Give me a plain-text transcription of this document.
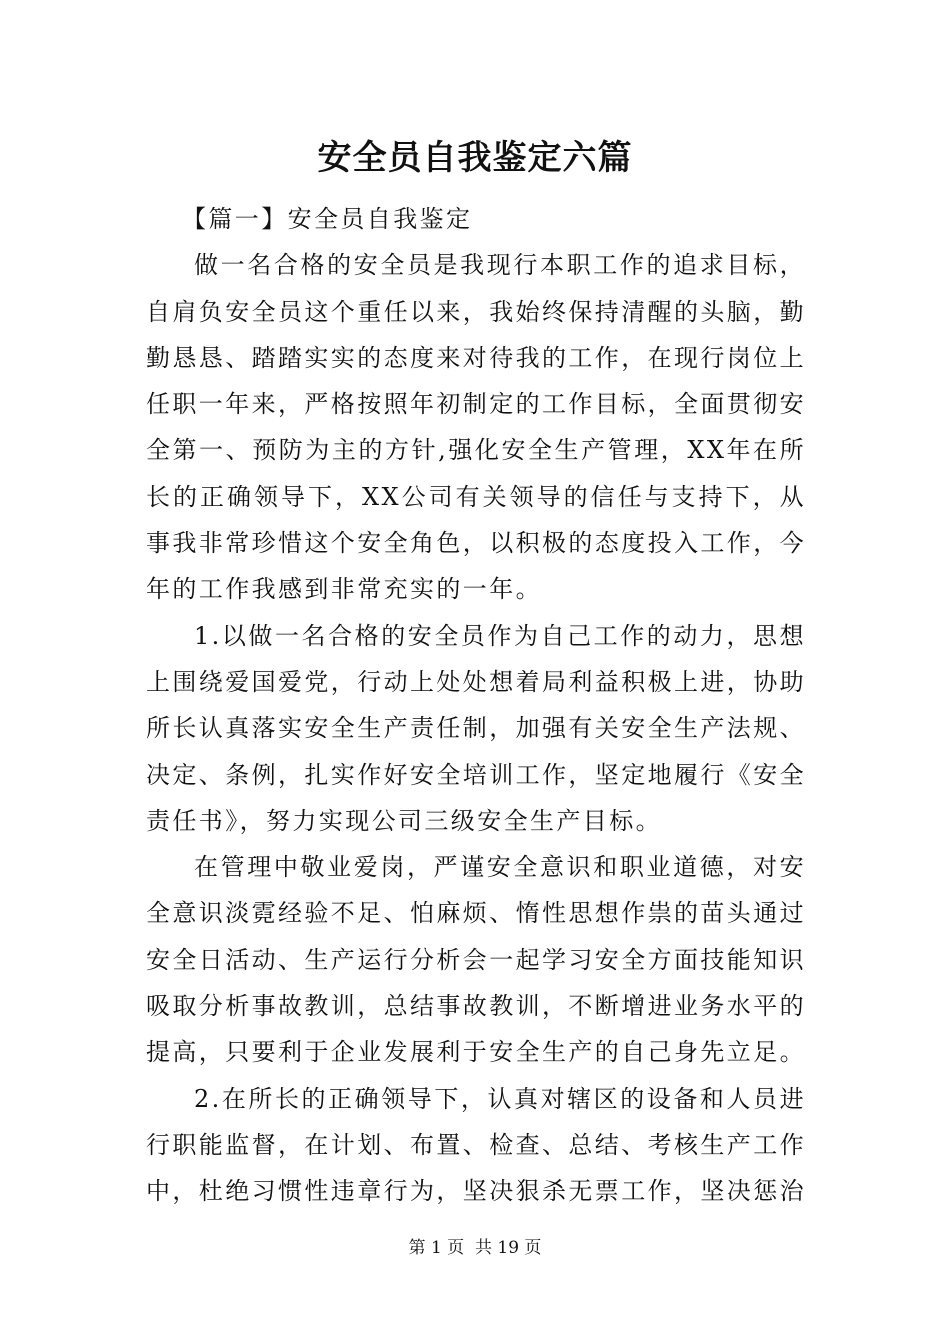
安全员自我鉴定六篇

【篇一】安全员自我鉴定

做一名合格的安全员是我现行本职工作的追求目标，自肩负安全员这个重任以来，我始终保持清醒的头脑，勤勤恳恳、踏踏实实的态度来对待我的工作，在现行岗位上任职一年来，严格按照年初制定的工作目标，全面贯彻安全第一、预防为主的方针,强化安全生产管理，XX年在所长的正确领导下，XX公司有关领导的信任与支持下，从事我非常珍惜这个安全角色，以积极的态度投入工作，今年的工作我感到非常充实的一年。

1.以做一名合格的安全员作为自己工作的动力，思想上围绕爱国爱党，行动上处处想着局利益积极上进，协助所长认真落实安全生产责任制，加强有关安全生产法规、决定、条例，扎实作好安全培训工作，坚定地履行《安全责任书》，努力实现公司三级安全生产目标。

在管理中敬业爱岗，严谨安全意识和职业道德，对安全意识淡霓经验不足、怕麻烦、惰性思想作祟的苗头通过安全日活动、生产运行分析会一起学习安全方面技能知识吸取分析事故教训，总结事故教训，不断增进业务水平的提高，只要利于企业发展利于安全生产的自己身先立足。

2.在所长的正确领导下，认真对辖区的设备和人员进行职能监督，在计划、布置、检查、总结、考核生产工作中，杜绝习惯性违章行为，坚决狠杀无票工作，坚决惩治

第 1 页 共 19 页
